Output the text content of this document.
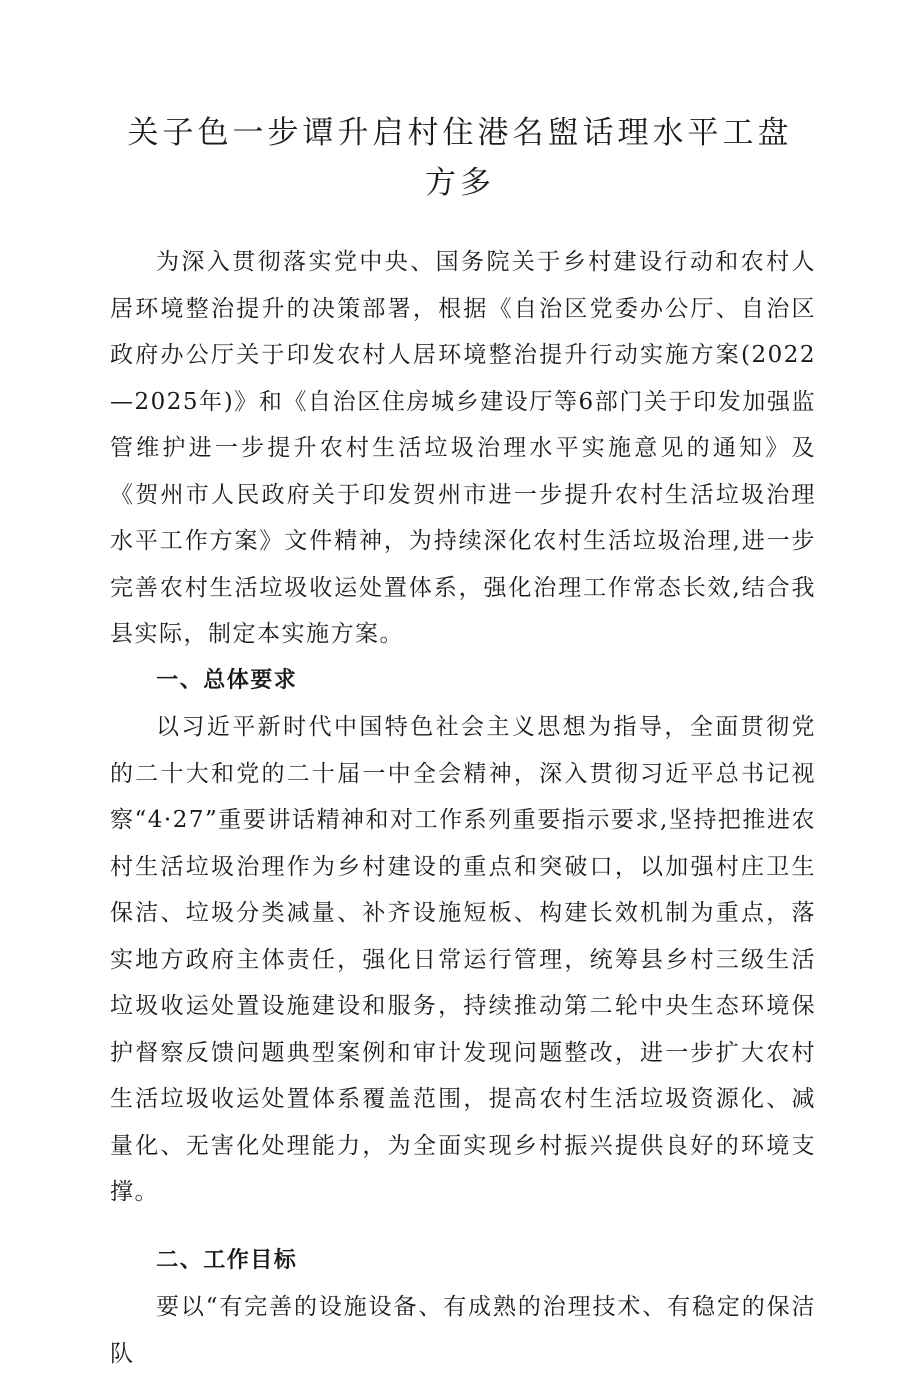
关子色一步谭升启村住港名盥话理水平工盘方多

为深入贯彻落实党中央、国务院关于乡村建设行动和农村人居环境整治提升的决策部署，根据《自治区党委办公厅、自治区政府办公厅关于印发农村人居环境整治提升行动实施方案(2022—2025年)》和《自治区住房城乡建设厅等6部门关于印发加强监管维护进一步提升农村生活垃圾治理水平实施意见的通知》及《贺州市人民政府关于印发贺州市进一步提升农村生活垃圾治理水平工作方案》文件精神，为持续深化农村生活垃圾治理,进一步完善农村生活垃圾收运处置体系，强化治理工作常态长效,结合我县实际，制定本实施方案。

一、总体要求

以习近平新时代中国特色社会主义思想为指导，全面贯彻党的二十大和党的二十届一中全会精神，深入贯彻习近平总书记视察“4·27”重要讲话精神和对工作系列重要指示要求,坚持把推进农村生活垃圾治理作为乡村建设的重点和突破口，以加强村庄卫生保洁、垃圾分类减量、补齐设施短板、构建长效机制为重点，落实地方政府主体责任，强化日常运行管理，统筹县乡村三级生活垃圾收运处置设施建设和服务，持续推动第二轮中央生态环境保护督察反馈问题典型案例和审计发现问题整改，进一步扩大农村生活垃圾收运处置体系覆盖范围，提高农村生活垃圾资源化、减量化、无害化处理能力，为全面实现乡村振兴提供良好的环境支撑。

二、工作目标

要以“有完善的设施设备、有成熟的治理技术、有稳定的保洁队
